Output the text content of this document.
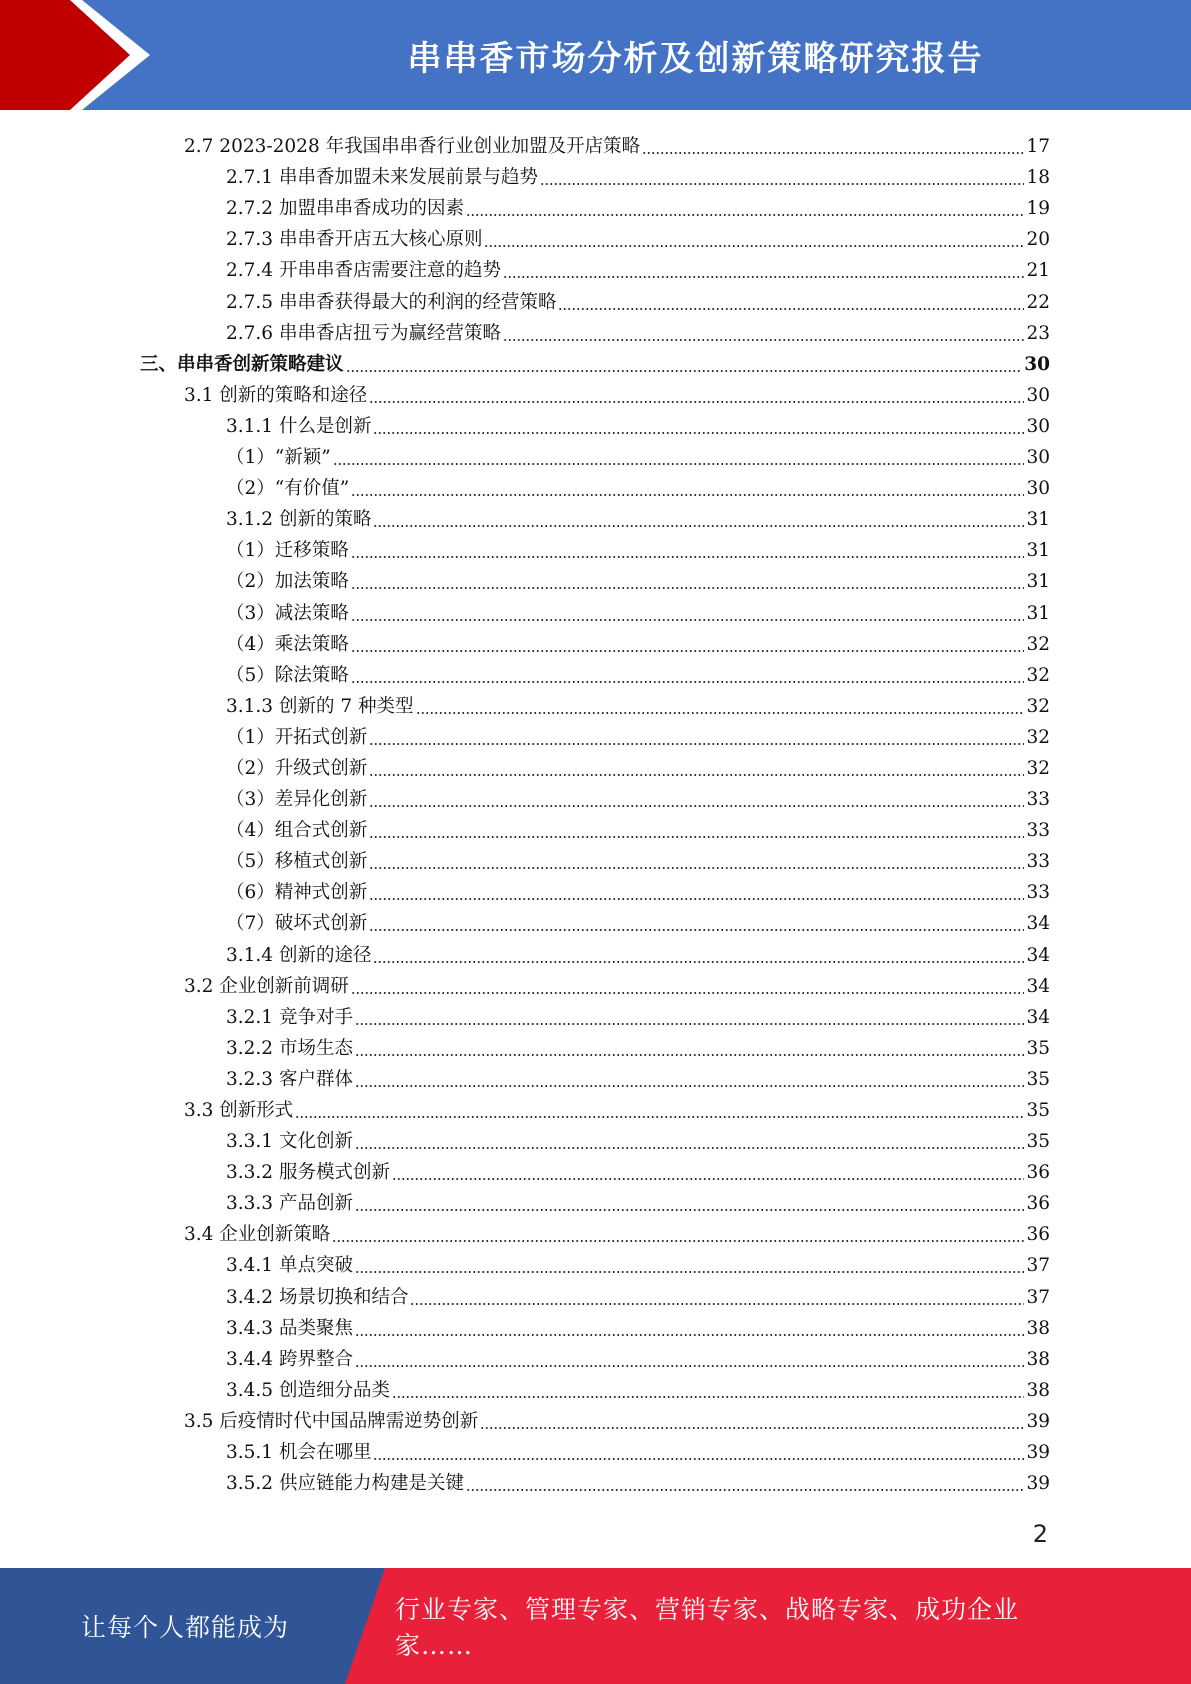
串串香市场分析及创新策略研究报告
2.7 2023-2028 年我国串串香行业创业加盟及开店策略	17
2.7.1 串串香加盟未来发展前景与趋势	18
2.7.2 加盟串串香成功的因素	19
2.7.3 串串香开店五大核心原则	20
2.7.4 开串串香店需要注意的趋势	21
2.7.5 串串香获得最大的利润的经营策略	22
2.7.6 串串香店扭亏为赢经营策略	23
三、串串香创新策略建议	30
3.1 创新的策略和途径	30
3.1.1 什么是创新	30
（1）“新颖”	30
（2）“有价值”	30
3.1.2 创新的策略	31
（1）迁移策略	31
（2）加法策略	31
（3）减法策略	31
（4）乘法策略	32
（5）除法策略	32
3.1.3 创新的 7 种类型	32
（1）开拓式创新	32
（2）升级式创新	32
（3）差异化创新	33
（4）组合式创新	33
（5）移植式创新	33
（6）精神式创新	33
（7）破坏式创新	34
3.1.4 创新的途径	34
3.2 企业创新前调研	34
3.2.1 竞争对手	34
3.2.2 市场生态	35
3.2.3 客户群体	35
3.3 创新形式	35
3.3.1 文化创新	35
3.3.2 服务模式创新	36
3.3.3 产品创新	36
3.4 企业创新策略	36
3.4.1 单点突破	37
3.4.2 场景切换和结合	37
3.4.3 品类聚焦	38
3.4.4 跨界整合	38
3.4.5 创造细分品类	38
3.5 后疫情时代中国品牌需逆势创新	39
3.5.1 机会在哪里	39
3.5.2 供应链能力构建是关键	39
2
让每个人都能成为
行业专家、管理专家、营销专家、战略专家、成功企业家……
